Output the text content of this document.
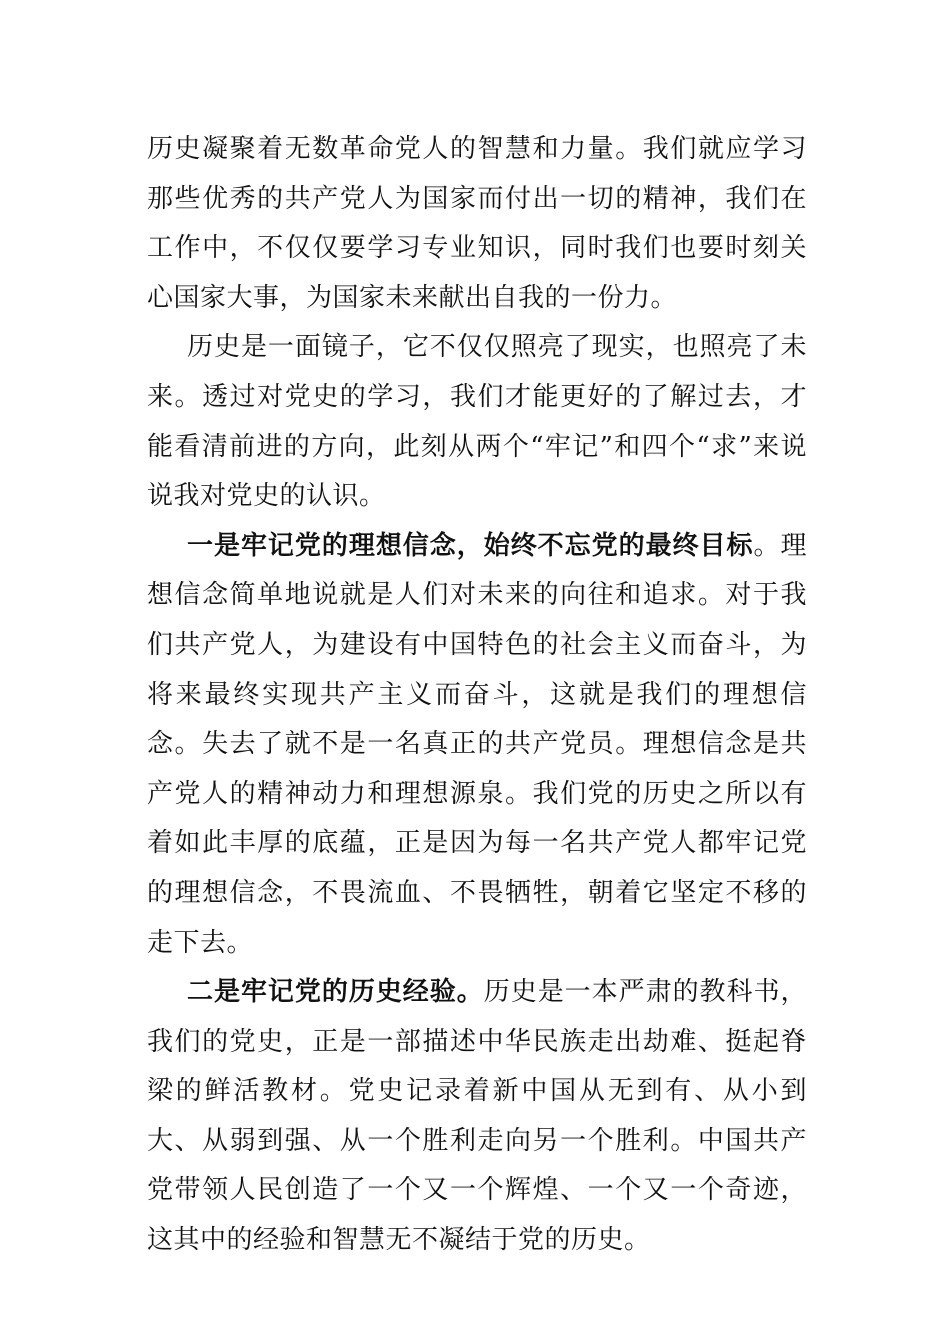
历史凝聚着无数革命党人的智慧和力量。我们就应学习那些优秀的共产党人为国家而付出一切的精神，我们在工作中，不仅仅要学习专业知识，同时我们也要时刻关心国家大事，为国家未来献出自我的一份力。

历史是一面镜子，它不仅仅照亮了现实，也照亮了未来。透过对党史的学习，我们才能更好的了解过去，才能看清前进的方向，此刻从两个“牢记”和四个“求”来说说我对党史的认识。

一是牢记党的理想信念，始终不忘党的最终目标。理想信念简单地说就是人们对未来的向往和追求。对于我们共产党人，为建设有中国特色的社会主义而奋斗，为将来最终实现共产主义而奋斗，这就是我们的理想信念。失去了就不是一名真正的共产党员。理想信念是共产党人的精神动力和理想源泉。我们党的历史之所以有着如此丰厚的底蕴，正是因为每一名共产党人都牢记党的理想信念，不畏流血、不畏牺牲，朝着它坚定不移的走下去。

二是牢记党的历史经验。历史是一本严肃的教科书，我们的党史，正是一部描述中华民族走出劫难、挺起脊梁的鲜活教材。党史记录着新中国从无到有、从小到大、从弱到强、从一个胜利走向另一个胜利。中国共产党带领人民创造了一个又一个辉煌、一个又一个奇迹，这其中的经验和智慧无不凝结于党的历史。
